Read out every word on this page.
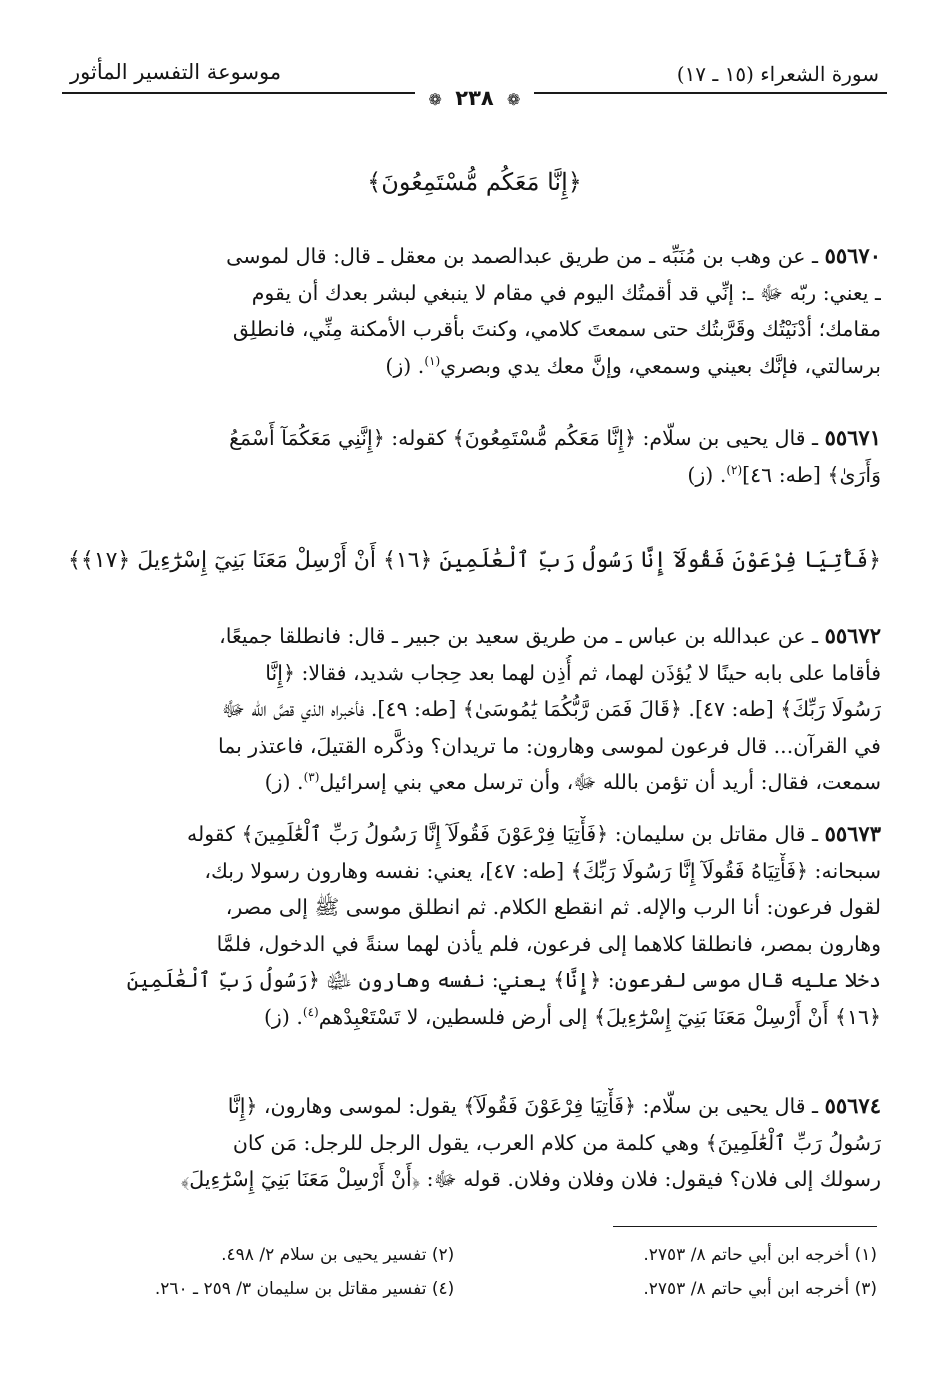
سورة الشعراء (١٥ ـ ١٧)
موسوعة التفسير المأثور
❁ ٢٣٨ ❁
﴿إِنَّا مَعَكُم مُّسْتَمِعُونَ﴾
٥٥٦٧٠ ـ عن وهب بن مُنَبِّه ـ من طريق عبدالصمد بن معقل ـ قال: قال لموسى
ـ يعني: ربّه ﷻ ـ: إنِّي قد أقمتُك اليوم في مقام لا ينبغي لبشر بعدك أن يقوم
مقامك؛ أدْنَيْتُك وقَرَّبتُك حتى سمعتَ كلامي، وكنتَ بأقرب الأمكنة مِنِّي، فانطلِق
برسالتي، فإنَّك بعيني وسمعي، وإنَّ معك يدي وبصري$^{(١)}$. (ز)
٥٥٦٧١ ـ قال يحيى بن سلّام: ﴿إِنَّا مَعَكُم مُّسْتَمِعُونَ﴾ كقوله: ﴿إِنَّنِي مَعَكُمَآ أَسْمَعُ
وَأَرَىٰ﴾ [طه: ٤٦]$^{(٢)}$. (ز)
﴿فَأْتِيَا فِرْعَوْنَ فَقُولَآ إِنَّا رَسُولُ رَبِّ ٱلْعَٰلَمِينَ ﴿١٦﴾ أَنْ أَرْسِلْ مَعَنَا بَنِيٓ إِسْرَٰٓءِيلَ ﴿١٧﴾﴾
٥٥٦٧٢ ـ عن عبدالله بن عباس ـ من طريق سعيد بن جبير ـ قال: فانطلقا جميعًا،
فأقاما على بابه حينًا لا يُؤذَن لهما، ثم أُذِن لهما بعد حِجاب شديد، فقالا: ﴿إِنَّا
رَسُولَا رَبِّكَ﴾ [طه: ٤٧]. ﴿قَالَ فَمَن رَّبُّكُمَا يَٰمُوسَىٰ﴾ [طه: ٤٩]. فأخبراه الذي قصَّ الله ﷻ
في القرآن... قال فرعون لموسى وهارون: ما تريدان؟ وذكَّره القتيلَ، فاعتذر بما
سمعت، فقال: أريد أن تؤمن بالله ﷻ، وأن ترسل معي بني إسرائيل$^{(٣)}$. (ز)
٥٥٦٧٣ ـ قال مقاتل بن سليمان: ﴿فَأْتِيَا فِرْعَوْنَ فَقُولَآ إِنَّا رَسُولُ رَبِّ ٱلْعَٰلَمِينَ﴾ كقوله
سبحانه: ﴿فَأْتِيَاهُ فَقُولَآ إِنَّا رَسُولَا رَبِّكَ﴾ [طه: ٤٧]، يعني: نفسه وهارون رسولا ربك،
لقول فرعون: أنا الرب والإله. ثم انقطع الكلام. ثم انطلق موسى ﷺ إلى مصر،
وهارون بمصر، فانطلقا كلاهما إلى فرعون، فلم يأذن لهما سنةً في الدخول، فلمَّا
دخلا عليه قال موسى لفرعون: ﴿إِنَّا﴾ يعني: نفسه وهارون ﵉ ﴿رَسُولُ رَبِّ ٱلْعَٰلَمِينَ
﴿١٦﴾ أَنْ أَرْسِلْ مَعَنَا بَنِيٓ إِسْرَٰٓءِيلَ﴾ إلى أرض فلسطين، لا تَسْتَعْبِدْهم$^{(٤)}$. (ز)
٥٥٦٧٤ ـ قال يحيى بن سلّام: ﴿فَأْتِيَا فِرْعَوْنَ فَقُولَآ﴾ يقول: لموسى وهارون، ﴿إِنَّا
رَسُولُ رَبِّ ٱلْعَٰلَمِينَ﴾ وهي كلمة من كلام العرب، يقول الرجل للرجل: مَن كان
رسولك إلى فلان؟ فيقول: فلان وفلان وفلان. قوله ﷻ: ﴿أَنْ أَرْسِلْ مَعَنَا بَنِيٓ إِسْرَٰٓءِيلَ﴾
(١) أخرجه ابن أبي حاتم ٨/ ٢٧٥٣.
(٢) تفسير يحيى بن سلام ٢/ ٤٩٨.
(٣) أخرجه ابن أبي حاتم ٨/ ٢٧٥٣.
(٤) تفسير مقاتل بن سليمان ٣/ ٢٥٩ ـ ٢٦٠.
